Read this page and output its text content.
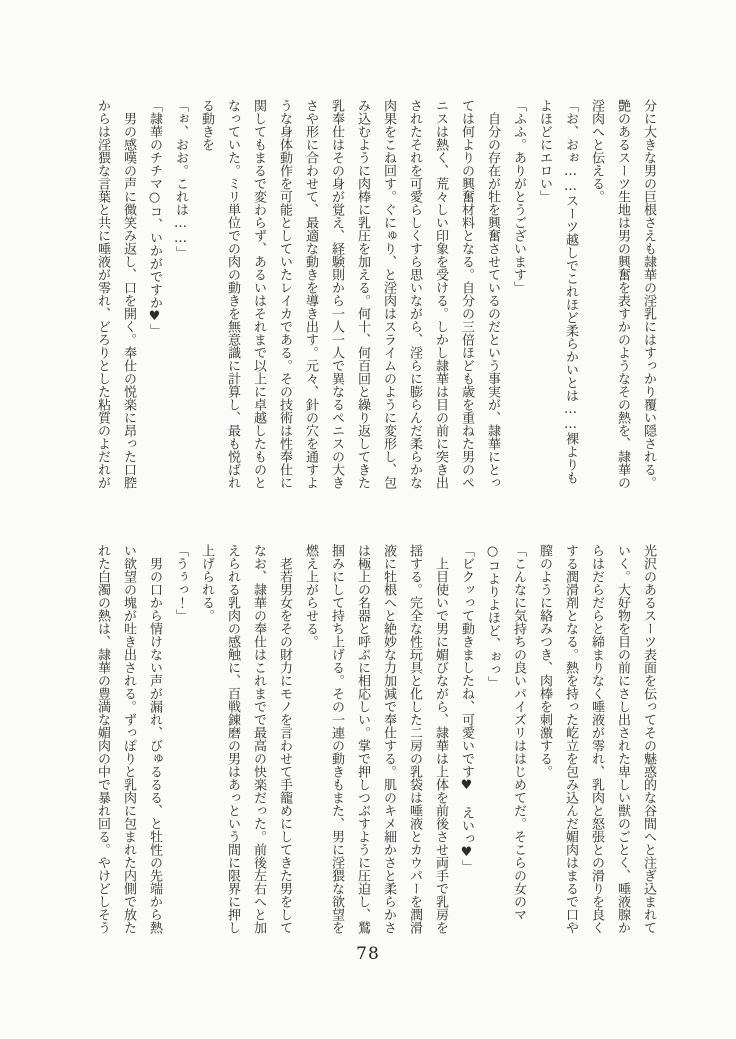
分に大きな男の巨根さえも隷華の淫乳にはすっかり覆い隠される。艶のあるスーツ生地は男の興奮を表すかのようなその熱を、隷華の淫肉へと伝える。

「お、おぉ……スーツ越しでこれほど柔らかいとは……裸よりもよほどにエロい」

「ふふ。ありがとうございます」

自分の存在が牡を興奮させているのだという事実が、隷華にとっては何よりの興奮材料となる。自分の三倍ほども歳を重ねた男のペニスは熱く、荒々しい印象を受ける。しかし隷華は目の前に突き出されたそれを可愛らしくすら思いながら、淫らに膨らんだ柔らかな肉果をこね回す。ぐにゅり、と淫肉はスライムのように変形し、包み込むように肉棒に乳圧を加える。何十、何百回と繰り返してきた乳奉仕はその身が覚え、経験則から一人一人で異なるペニスの大きさや形に合わせて、最適な動きを導き出す。元々、針の穴を通すような身体動作を可能としていたレイカである。その技術は性奉仕に関してもまるで変わらず、あるいはそれまで以上に卓越したものとなっていた。ミリ単位での肉の動きを無意識に計算し、最も悦ばれる動きを

「ぉ、おお。これは……」

「隷華のチチマ○コ、いかがですか♥」

男の感嘆の声に微笑み返し、口を開く。奉仕の悦楽に昂った口腔からは淫猥な言葉と共に唾液が零れ、どろりとした粘質のよだれが

光沢のあるスーツ表面を伝ってその魅惑的な谷間へと注ぎ込まれていく。大好物を目の前にさし出された卑しい獣のごとく、唾液腺からはだらだらと締まりなく唾液が零れ、乳肉と怒張との滑りを良くする潤滑剤となる。熱を持った屹立を包み込んだ媚肉はまるで口や膣のように絡みつき、肉棒を刺激する。

「こんなに気持ちの良いパイズリははじめてだ。そこらの女のマ○コよりよほど、ぉっ」

「ビクッって動きましたね、可愛いです♥　えいっ♥」

上目使いで男に媚びながら、隷華は上体を前後させ両手で乳房を揺する。完全な性玩具と化した二房の乳袋は唾液とカウパーを潤滑液に牡根へと絶妙な力加減で奉仕する。肌のキメ細かさと柔らかさは極上の名器と呼ぶに相応しい。掌で押しつぶすように圧迫し、鷲掴みにして持ち上げる。その一連の動きもまた、男に淫猥な欲望を燃え上がらせる。

老若男女をその財力にモノを言わせて手籠めにしてきた男をしてなお、隷華の奉仕はこれまでで最高の快楽だった。前後左右へと加えられる乳肉の感触に、百戦錬磨の男はあっという間に限界に押し上げられる。

「うぅっ！」

男の口から情けない声が漏れ、びゅるるる、と牡性の先端から熱い欲望の塊が吐き出される。ずっぽりと乳肉に包まれた内側で放たれた白濁の熱は、隷華の豊満な媚肉の中で暴れ回る。やけどしそう

78
